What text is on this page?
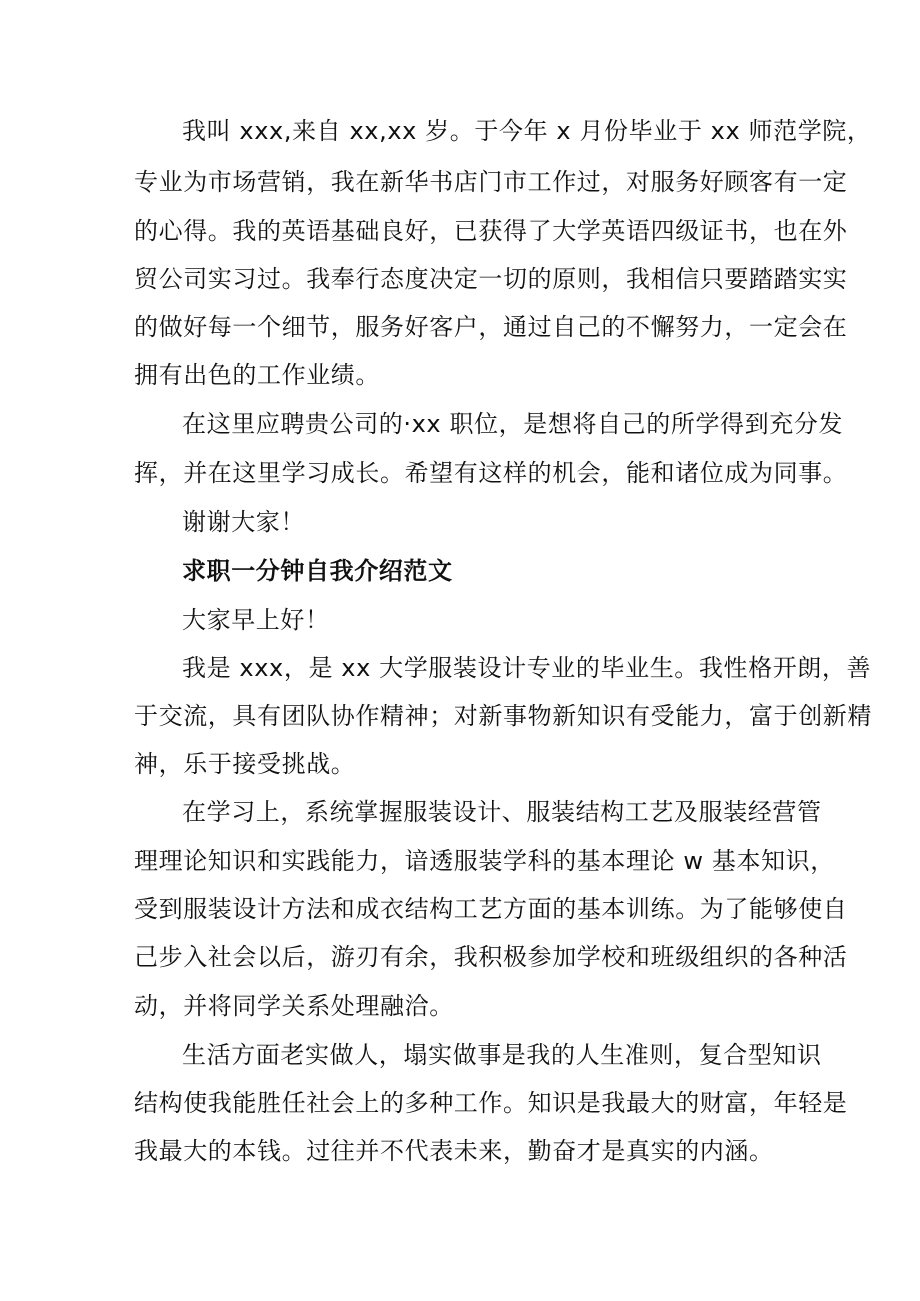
我叫 xxx,来自 xx,xx 岁。于今年 x 月份毕业于 xx 师范学院，
专业为市场营销，我在新华书店门市工作过，对服务好顾客有一定
的心得。我的英语基础良好，已获得了大学英语四级证书，也在外
贸公司实习过。我奉行态度决定一切的原则，我相信只要踏踏实实
的做好每一个细节，服务好客户，通过自己的不懈努力，一定会在
拥有出色的工作业绩。
在这里应聘贵公司的·xx 职位，是想将自己的所学得到充分发
挥，并在这里学习成长。希望有这样的机会，能和诸位成为同事。
谢谢大家！
求职一分钟自我介绍范文
大家早上好！
我是 xxx，是 xx 大学服装设计专业的毕业生。我性格开朗，善
于交流，具有团队协作精神；对新事物新知识有受能力，富于创新精
神，乐于接受挑战。
在学习上，系统掌握服装设计、服装结构工艺及服装经营管
理理论知识和实践能力，谙透服装学科的基本理论 w 基本知识，
受到服装设计方法和成衣结构工艺方面的基本训练。为了能够使自
己步入社会以后，游刃有余，我积极参加学校和班级组织的各种活
动，并将同学关系处理融洽。
生活方面老实做人，塌实做事是我的人生准则，复合型知识
结构使我能胜任社会上的多种工作。知识是我最大的财富，年轻是
我最大的本钱。过往并不代表未来，勤奋才是真实的内涵。
